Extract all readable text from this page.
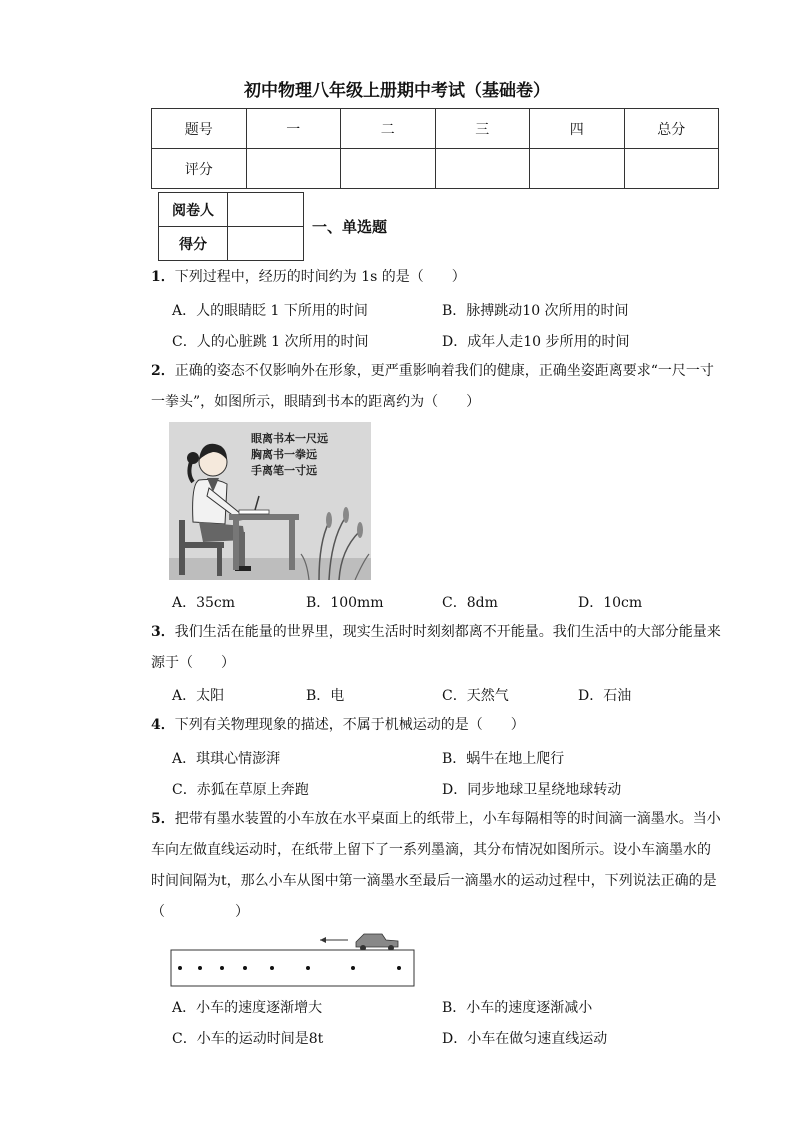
初中物理八年级上册期中考试（基础卷）
题号	一	二	三	四	总分
评分					
阅卷人	
得分	
一、单选题
1．下列过程中，经历的时间约为 1s 的是（　　）
A．人的眼睛眨 1 下所用的时间	B．脉搏跳动10 次所用的时间
C．人的心脏跳 1 次所用的时间	D．成年人走10 步所用的时间
2．正确的姿态不仅影响外在形象，更严重影响着我们的健康，正确坐姿距离要求“一尺一寸一拳头”，如图所示，眼睛到书本的距离约为（　　）
眼离书本一尺远
胸离书一拳远
手离笔一寸远
A．35cm	B．100mm	C．8dm	D．10cm
3．我们生活在能量的世界里，现实生活时时刻刻都离不开能量。我们生活中的大部分能量来源于（　　）
A．太阳	B．电	C．天然气	D．石油
4．下列有关物理现象的描述，不属于机械运动的是（　　）
A．琪琪心情澎湃	B．蜗牛在地上爬行
C．赤狐在草原上奔跑	D．同步地球卫星绕地球转动
5．把带有墨水装置的小车放在水平桌面上的纸带上，小车每隔相等的时间滴一滴墨水。当小车向左做直线运动时，在纸带上留下了一系列墨滴，其分布情况如图所示。设小车滴墨水的时间间隔为t，那么小车从图中第一滴墨水至最后一滴墨水的运动过程中，下列说法正确的是（　　　　　）
A．小车的速度逐渐增大	B．小车的速度逐渐减小
C．小车的运动时间是8t	D．小车在做匀速直线运动
